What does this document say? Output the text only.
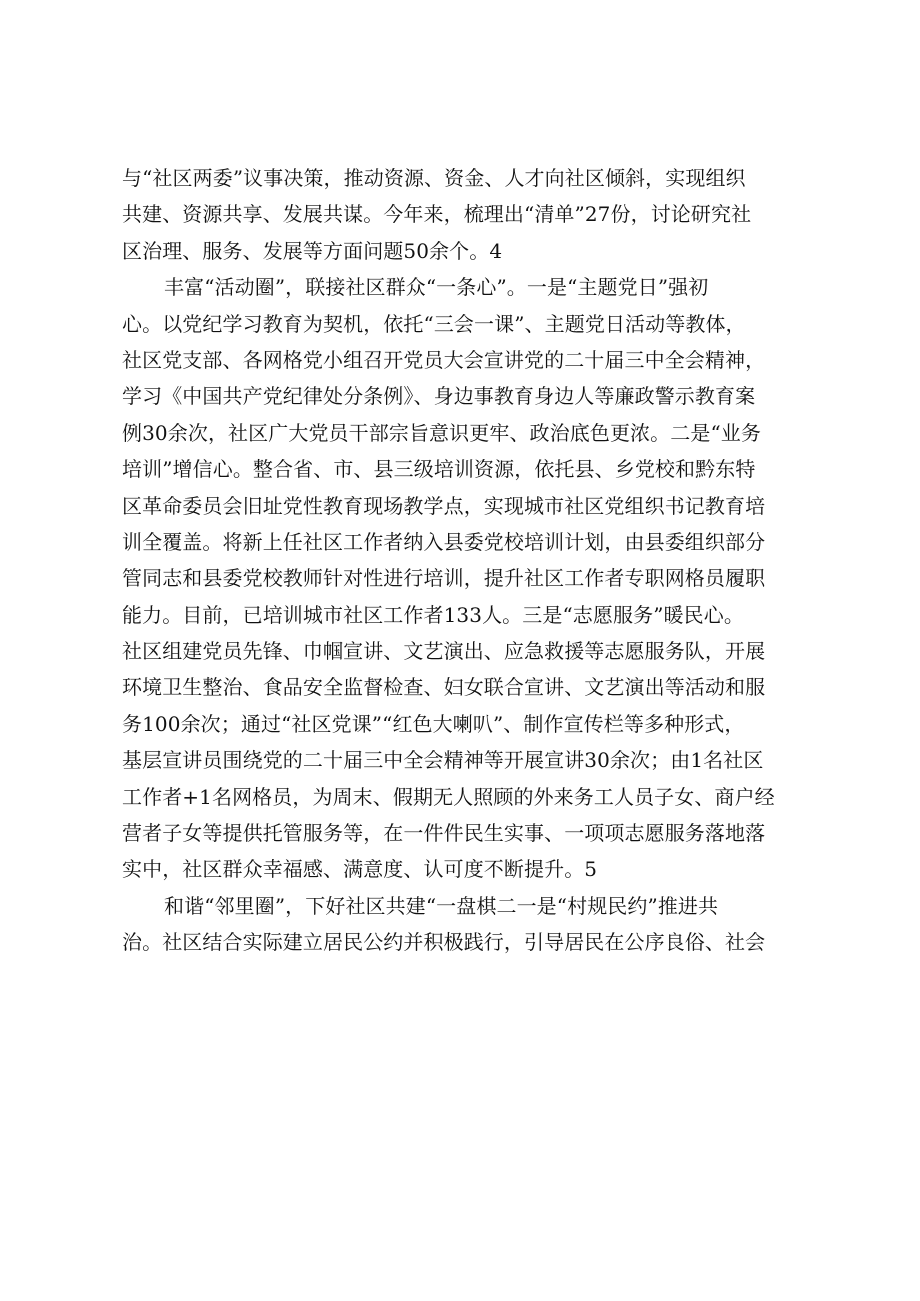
与“社区两委”议事决策，推动资源、资金、人才向社区倾斜，实现组织
共建、资源共享、发展共谋。今年来，梳理出“清单”27份，讨论研究社
区治理、服务、发展等方面问题50余个。4
丰富“活动圈”，联接社区群众“一条心”。一是“主题党日”强初
心。以党纪学习教育为契机，依托“三会一课”、主题党日活动等教体，
社区党支部、各网格党小组召开党员大会宣讲党的二十届三中全会精神，
学习《中国共产党纪律处分条例》、身边事教育身边人等廉政警示教育案
例30余次，社区广大党员干部宗旨意识更牢、政治底色更浓。二是“业务
培训”增信心。整合省、市、县三级培训资源，依托县、乡党校和黔东特
区革命委员会旧址党性教育现场教学点，实现城市社区党组织书记教育培
训全覆盖。将新上任社区工作者纳入县委党校培训计划，由县委组织部分
管同志和县委党校教师针对性进行培训，提升社区工作者专职网格员履职
能力。目前，已培训城市社区工作者133人。三是“志愿服务”暖民心。
社区组建党员先锋、巾帼宣讲、文艺演出、应急救援等志愿服务队，开展
环境卫生整治、食品安全监督检查、妇女联合宣讲、文艺演出等活动和服
务100余次；通过“社区党课”“红色大喇叭”、制作宣传栏等多种形式，
基层宣讲员围绕党的二十届三中全会精神等开展宣讲30余次；由1名社区
工作者+1名网格员，为周末、假期无人照顾的外来务工人员子女、商户经
营者子女等提供托管服务等，在一件件民生实事、一项项志愿服务落地落
实中，社区群众幸福感、满意度、认可度不断提升。5
和谐“邻里圈”，下好社区共建“一盘棋二一是“村规民约”推进共
治。社区结合实际建立居民公约并积极践行，引导居民在公序良俗、社会
